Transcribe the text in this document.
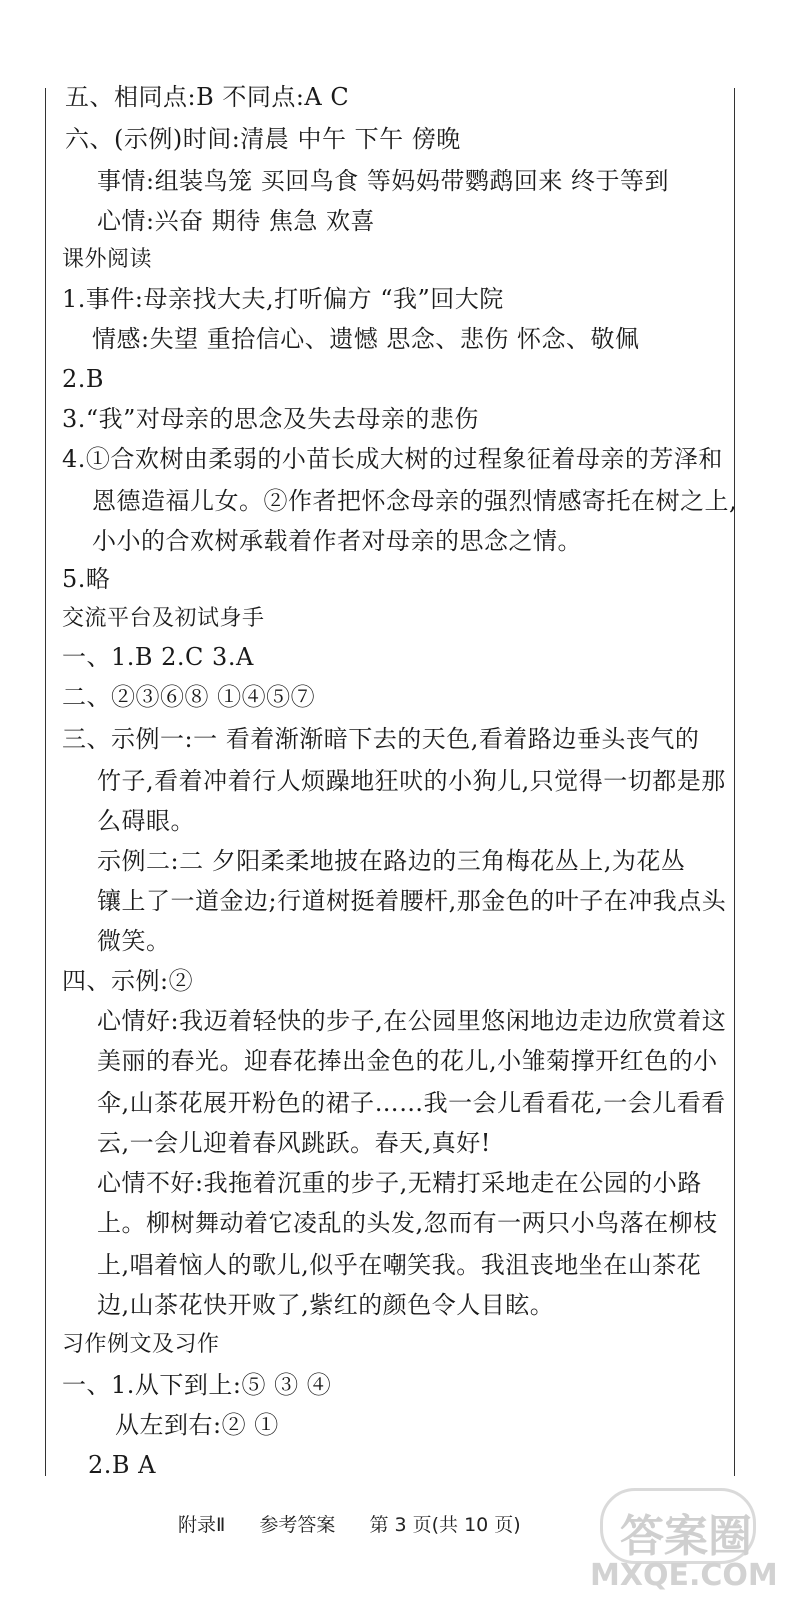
五、相同点:B 不同点:A C
六、(示例)时间:清晨 中午 下午 傍晚
事情:组装鸟笼 买回鸟食 等妈妈带鹦鹉回来 终于等到
心情:兴奋 期待 焦急 欢喜
课外阅读
1.事件:母亲找大夫,打听偏方 “我”回大院
情感:失望 重拾信心、遗憾 思念、悲伤 怀念、敬佩
2.B
3.“我”对母亲的思念及失去母亲的悲伤
4.①合欢树由柔弱的小苗长成大树的过程象征着母亲的芳泽和
恩德造福儿女。②作者把怀念母亲的强烈情感寄托在树之上,
小小的合欢树承载着作者对母亲的思念之情。
5.略
交流平台及初试身手
一、1.B 2.C 3.A
二、②③⑥⑧ ①④⑤⑦
三、示例一:一 看着渐渐暗下去的天色,看着路边垂头丧气的
竹子,看着冲着行人烦躁地狂吠的小狗儿,只觉得一切都是那
么碍眼。
示例二:二 夕阳柔柔地披在路边的三角梅花丛上,为花丛
镶上了一道金边;行道树挺着腰杆,那金色的叶子在冲我点头
微笑。
四、示例:②
心情好:我迈着轻快的步子,在公园里悠闲地边走边欣赏着这
美丽的春光。迎春花捧出金色的花儿,小雏菊撑开红色的小
伞,山茶花展开粉色的裙子……我一会儿看看花,一会儿看看
云,一会儿迎着春风跳跃。春天,真好!
心情不好:我拖着沉重的步子,无精打采地走在公园的小路
上。柳树舞动着它凌乱的头发,忽而有一两只小鸟落在柳枝
上,唱着恼人的歌儿,似乎在嘲笑我。我沮丧地坐在山茶花
边,山茶花快开败了,紫红的颜色令人目眩。
习作例文及习作
一、1.从下到上:⑤ ③ ④
从左到右:② ①
2.B A
附录Ⅱ 参考答案 第 3 页(共 10 页)	答案圈
MXQE.COM
